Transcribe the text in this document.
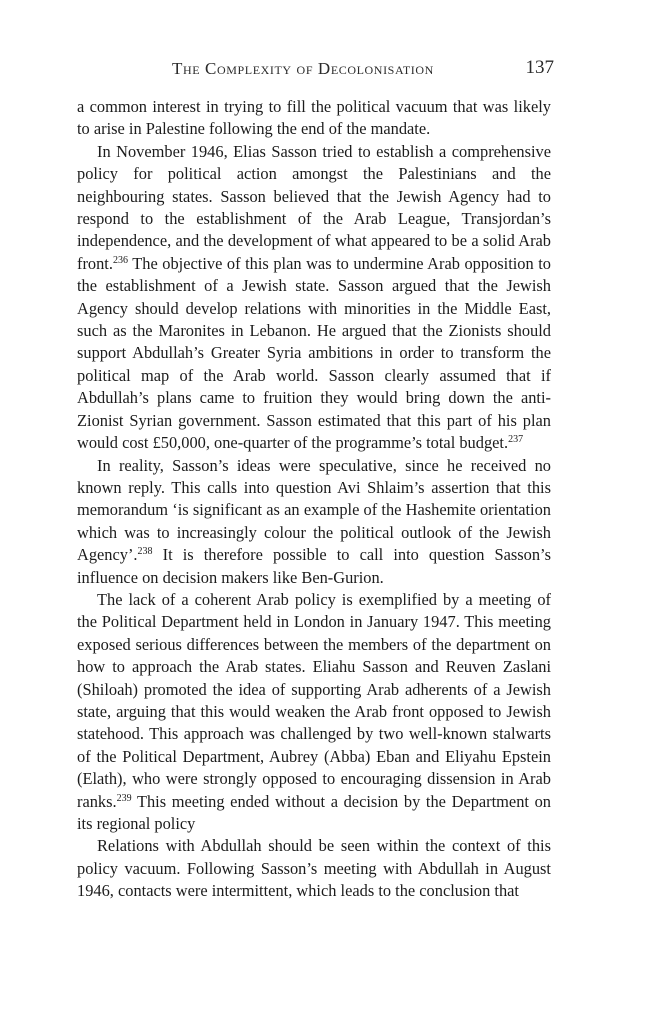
The Complexity of Decolonisation	137

a common interest in trying to fill the political vacuum that was likely to arise in Palestine following the end of the mandate.

In November 1946, Elias Sasson tried to establish a comprehensive policy for political action amongst the Palestinians and the neighbouring states. Sasson believed that the Jewish Agency had to respond to the establishment of the Arab League, Transjordan’s independence, and the development of what appeared to be a solid Arab front.$^{236}$ The objective of this plan was to undermine Arab opposition to the establishment of a Jewish state. Sasson argued that the Jewish Agency should develop relations with minorities in the Middle East, such as the Maronites in Lebanon. He argued that the Zionists should support Abdullah’s Greater Syria ambitions in order to transform the political map of the Arab world. Sasson clearly assumed that if Abdullah’s plans came to fruition they would bring down the anti-Zionist Syrian government. Sasson estimated that this part of his plan would cost £50,000, one-quarter of the programme’s total budget.$^{237}$

In reality, Sasson’s ideas were speculative, since he received no known reply. This calls into question Avi Shlaim’s assertion that this memorandum ‘is significant as an example of the Hashemite orientation which was to increasingly colour the political outlook of the Jewish Agency’.$^{238}$ It is therefore possible to call into question Sasson’s influence on decision makers like Ben-Gurion.

The lack of a coherent Arab policy is exemplified by a meeting of the Political Department held in London in January 1947. This meeting exposed serious differences between the members of the department on how to approach the Arab states. Eliahu Sasson and Reuven Zaslani (Shiloah) promoted the idea of supporting Arab adherents of a Jewish state, arguing that this would weaken the Arab front opposed to Jewish statehood. This approach was challenged by two well-known stalwarts of the Political Department, Aubrey (Abba) Eban and Eliyahu Epstein (Elath), who were strongly opposed to encouraging dissension in Arab ranks.$^{239}$ This meeting ended without a decision by the Department on its regional policy

Relations with Abdullah should be seen within the context of this policy vacuum. Following Sasson’s meeting with Abdullah in August 1946, contacts were intermittent, which leads to the conclusion that
